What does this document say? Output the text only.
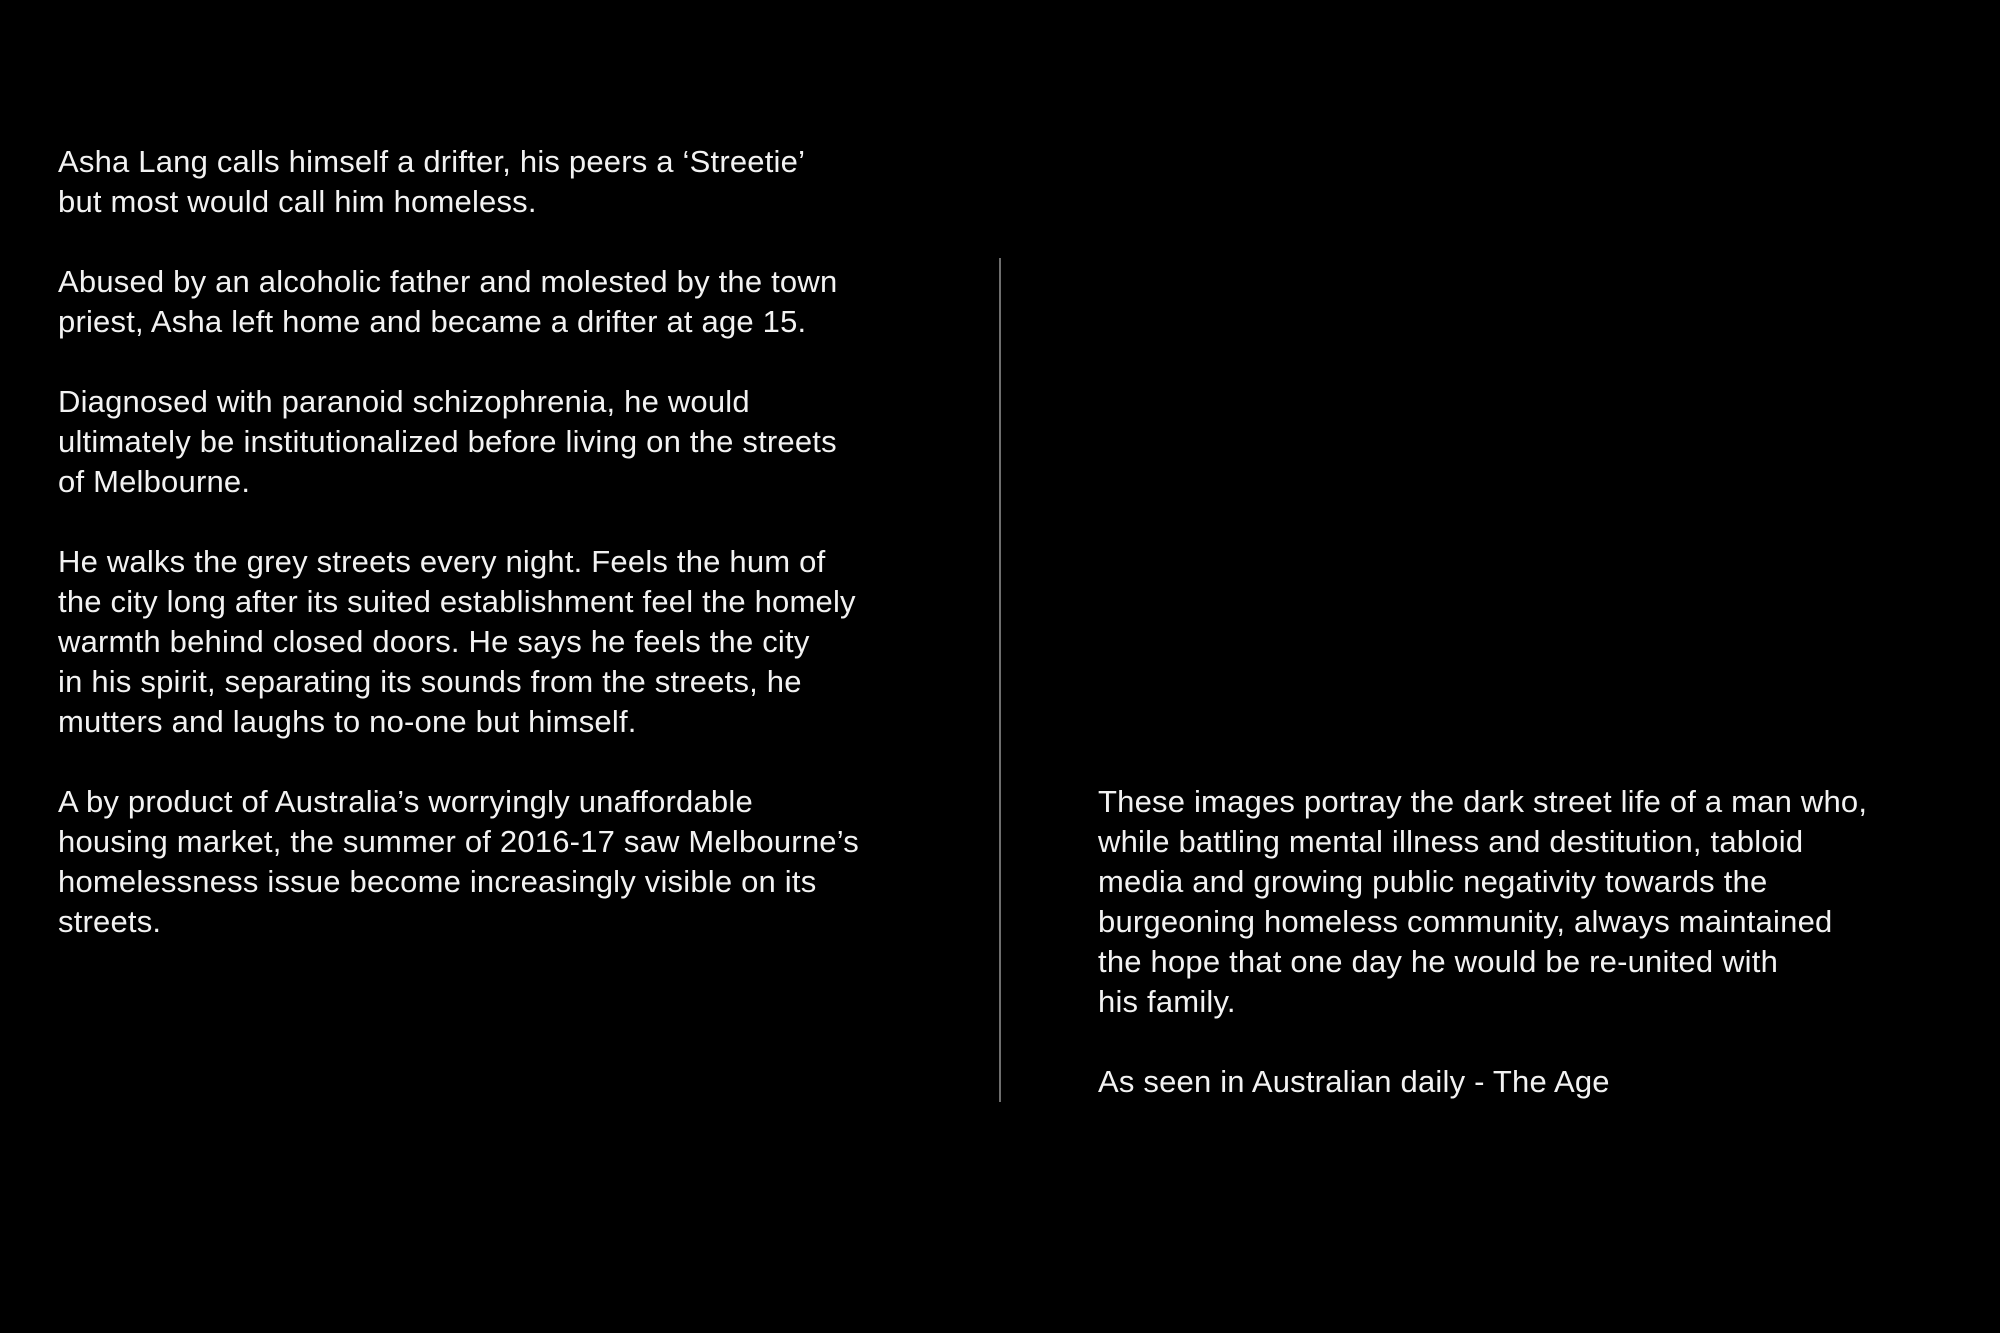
Asha Lang calls himself a drifter, his peers a ‘Streetie’
but most would call him homeless.
Abused by an alcoholic father and molested by the town
priest, Asha left home and became a drifter at age 15.
Diagnosed with paranoid schizophrenia, he would
ultimately be institutionalized before living on the streets
of Melbourne.
He walks the grey streets every night. Feels the hum of
the city long after its suited establishment feel the homely
warmth behind closed doors. He says he feels the city
in his spirit, separating its sounds from the streets, he
mutters and laughs to no-one but himself.
A by product of Australia’s worryingly unaffordable
housing market, the summer of 2016-17 saw Melbourne’s
homelessness issue become increasingly visible on its
streets.
These images portray the dark street life of a man who,
while battling mental illness and destitution, tabloid
media and growing public negativity towards the
burgeoning homeless community, always maintained
the hope that one day he would be re-united with
his family.
As seen in Australian daily - The Age
